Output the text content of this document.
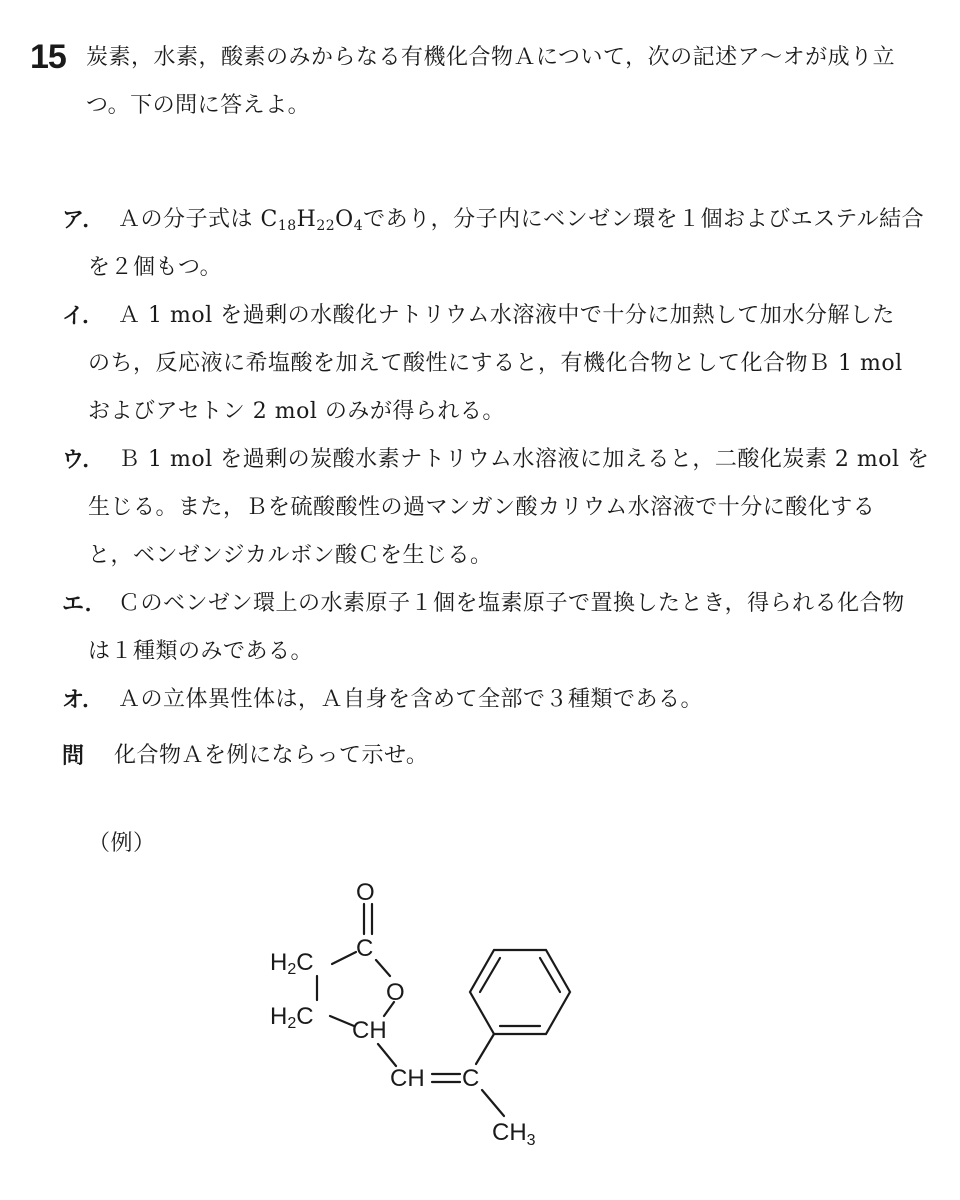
15 炭素，水素，酸素のみからなる有機化合物Ａについて，次の記述ア～オが成り立
つ。下の問に答えよ。
ア． Ａの分子式は $C_{18}H_{22}O_4$であり，分子内にベンゼン環を１個およびエステル結合
を２個もつ。
イ． Ａ 1 mol を過剰の水酸化ナトリウム水溶液中で十分に加熱して加水分解した
のち，反応液に希塩酸を加えて酸性にすると，有機化合物として化合物Ｂ 1 mol
およびアセトン 2 mol のみが得られる。
ウ． Ｂ 1 mol を過剰の炭酸水素ナトリウム水溶液に加えると，二酸化炭素 2 mol を
生じる。また，Ｂを硫酸酸性の過マンガン酸カリウム水溶液で十分に酸化する
と，ベンゼンジカルボン酸Ｃを生じる。
エ． Ｃのベンゼン環上の水素原子１個を塩素原子で置換したとき，得られる化合物
は１種類のみである。
オ． Ａの立体異性体は，Ａ自身を含めて全部で３種類である。
問 化合物Ａを例にならって示せ。
（例）
O
C
O
H2C
H2C
CH
CH C
$CH_3$
